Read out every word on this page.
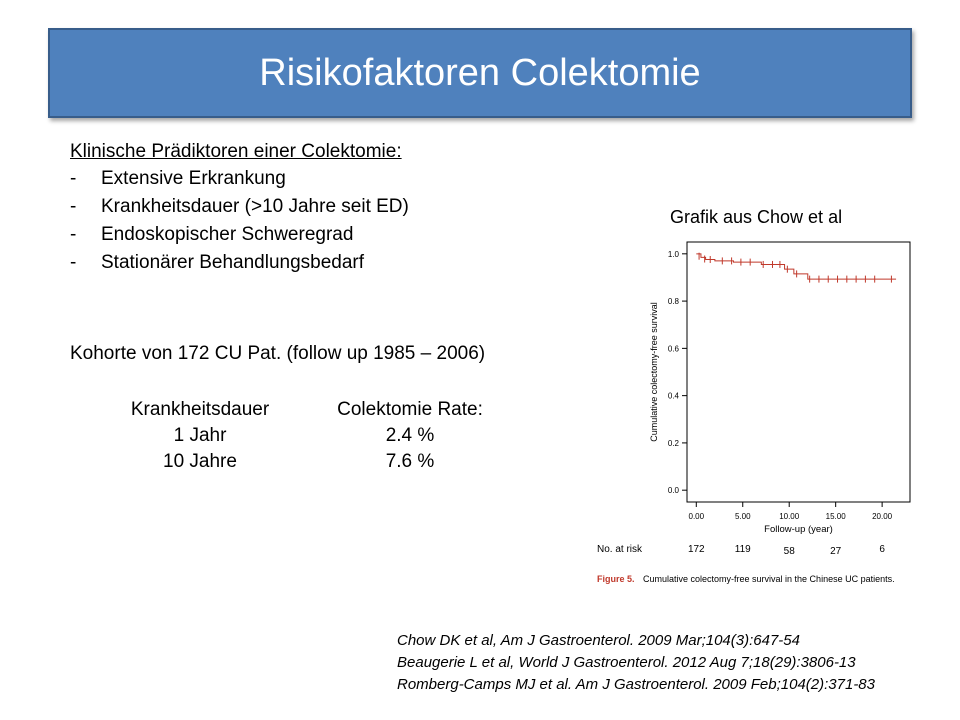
Risikofaktoren Colektomie
Klinische Prädiktoren einer Colektomie:
- Extensive Erkrankung
- Krankheitsdauer (>10 Jahre seit ED)
- Endoskopischer Schweregrad
- Stationärer Behandlungsbedarf
Kohorte von 172 CU Pat. (follow up 1985 – 2006)
Krankheitsdauer	Colektomie Rate:
1 Jahr	2.4 %
10 Jahre	7.6 %
Grafik aus Chow et al
0.0
0.2
0.4
0.6
0.8
1.0
0.00	5.00	10.00	15.00	20.00
Follow-up (year)
Cumulative colectomy-free survival
No. at risk	172	119	58	27	6
Figure 5. Cumulative colectomy-free survival in the Chinese UC patients.
Chow DK et al, Am J Gastroenterol. 2009 Mar;104(3):647-54
Beaugerie L et al, World J Gastroenterol. 2012 Aug 7;18(29):3806-13
Romberg-Camps MJ et al. Am J Gastroenterol. 2009 Feb;104(2):371-83
